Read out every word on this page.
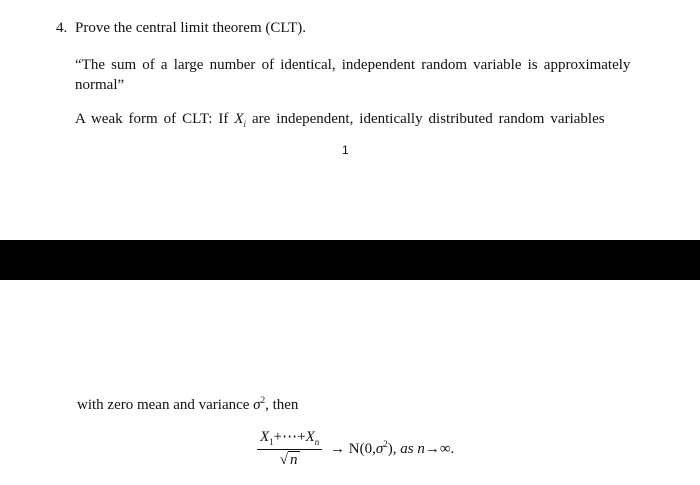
4. Prove the central limit theorem (CLT).
“The sum of a large number of identical, independent random variable is approximately
normal”
A weak form of CLT: If $X_i$ are independent, identically distributed random variables
1
with zero mean and variance $\sigma^2$, then
$\frac{X_1+\cdots+X_n}{√ n} \to N(0,\sigma^2)$, as n→∞.
